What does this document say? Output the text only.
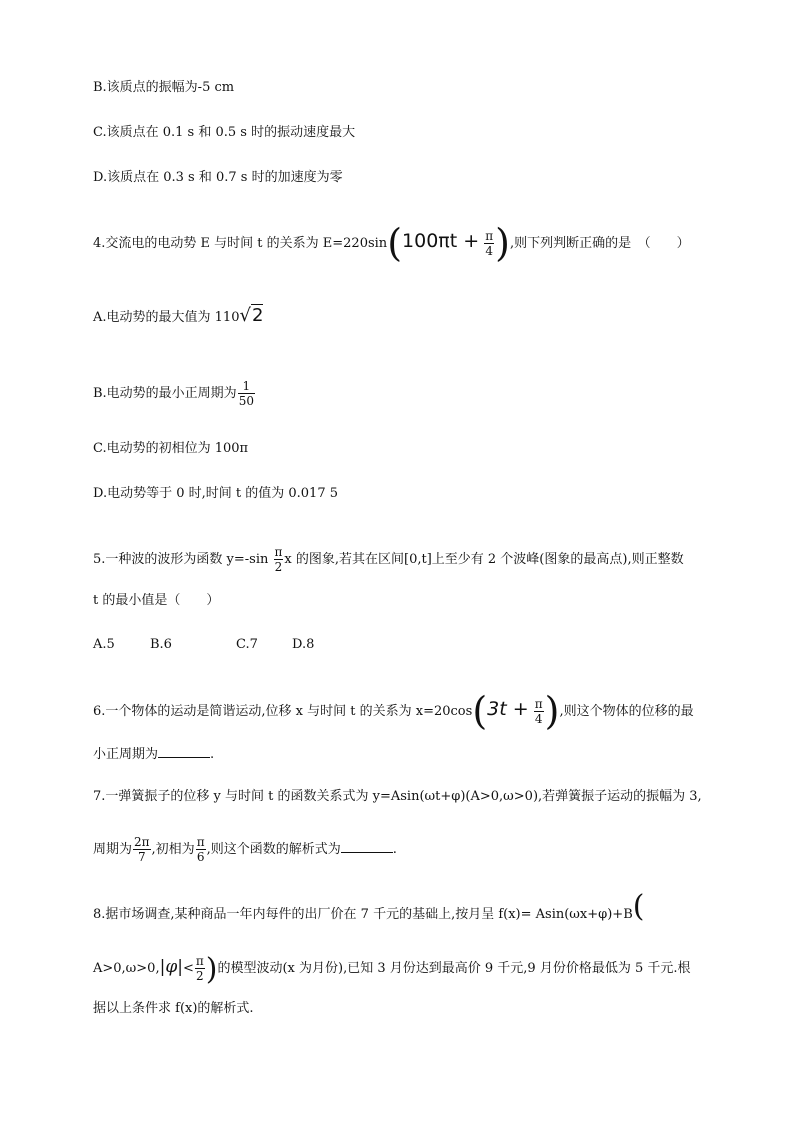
B.该质点的振幅为-5 cm
C.该质点在 0.1 s 和 0.5 s 时的振动速度最大
D.该质点在 0.3 s 和 0.7 s 时的加速度为零
4.交流电的电动势 E 与时间 t 的关系为 $E=220\sin(100\pi t + \frac{\pi}{4}$ ),则下列判断正确的是　（　　）
A.电动势的最大值为 110√2
B.电动势的最小正周期为 $\frac{1}{50}$
C.电动势的初相位为 100π
D.电动势等于 0 时,时间 t 的值为 0.017 5
5.一种波的波形为函数 $y=-\sin \frac{\pi}{2}$ x 的图象,若其在区间[0,t]上至少有 2 个波峰(图象的最高点),则正整数
t 的最小值是（　　）
A.5	B.6	C.7	D.8
6.一个物体的运动是简谐运动,位移 x 与时间 t 的关系为 $x=20\cos(3t + \frac{\pi}{4}$ ),则这个物体的位移的最
小正周期为	.
7.一弹簧振子的位移 y 与时间 t 的函数关系式为 y=Asin(ωt+φ)(A>0,ω>0),若弹簧振子运动的振幅为 3,
周期为 $\frac{2\pi}{7}$ ,初相为 $\frac{\pi}{6}$ ,则这个函数的解析式为	.
8.据市场调查,某种商品一年内每件的出厂价在 7 千元的基础上,按月呈 f(x)= Asin(ωx+φ)+B(
$A>0,\omega>0,|\varphi|< \frac{\pi}{2}$ )的模型波动(x 为月份),已知 3 月份达到最高价 9 千元,9 月份价格最低为 5 千元.根
据以上条件求 f(x)的解析式.
